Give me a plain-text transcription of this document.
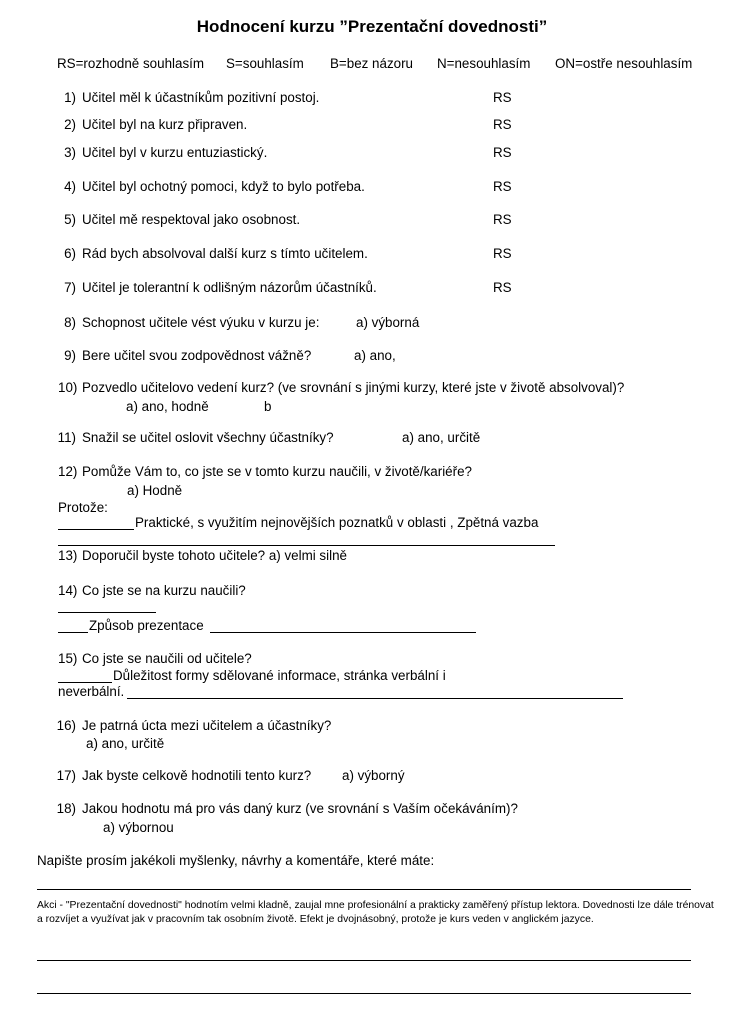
Hodnocení kurzu ”Prezentační dovednosti”
RS=rozhodně souhlasím S=souhlasím B=bez názoru N=nesouhlasím ON=ostře nesouhlasím
1) Učitel měl k účastníkům pozitivní postoj.	RS
2) Učitel byl na kurz připraven.	RS
3) Učitel byl v kurzu entuziastický.	RS
4) Učitel byl ochotný pomoci, když to bylo potřeba.	RS
5) Učitel mě respektoval jako osobnost.	RS
6) Rád bych absolvoval další kurz s tímto učitelem.	RS
7) Učitel je tolerantní k odlišným názorům účastníků.	RS
8) Schopnost učitele vést výuku v kurzu je:	a) výborná
9) Bere učitel svou zodpovědnost vážně?	a) ano,
10) Pozvedlo učitelovo vedení kurz? (ve srovnání s jinými kurzy, které jste v životě absolvoval)?
a) ano, hodně	b
11) Snažil se učitel oslovit všechny účastníky?	a) ano, určitě
12) Pomůže Vám to, co jste se v tomto kurzu naučili, v životě/kariéře?
a) Hodně
Protože:
Praktické, s využitím nejnovějších poznatků v oblasti , Zpětná vazba
13) Doporučil byste tohoto učitele? a) velmi silně
14) Co jste se na kurzu naučili?
Způsob prezentace
15) Co jste se naučili od učitele?
Důležitost formy sdělované informace, stránka verbální i
neverbální.
16) Je patrná úcta mezi učitelem a účastníky?
a) ano, určitě
17) Jak byste celkově hodnotili tento kurz? a) výborný
18) Jakou hodnotu má pro vás daný kurz (ve srovnání s Vaším očekáváním)?
a) výbornou
Napište prosím jakékoli myšlenky, návrhy a komentáře, které máte:
Akci - "Prezentační dovednosti" hodnotím velmi kladně, zaujal mne profesionální a prakticky zaměřený přístup lektora. Dovednosti lze dále trénovat a rozvíjet a využívat jak v pracovním tak osobním životě. Efekt je dvojnásobný, protože je kurs veden v anglickém jazyce.
